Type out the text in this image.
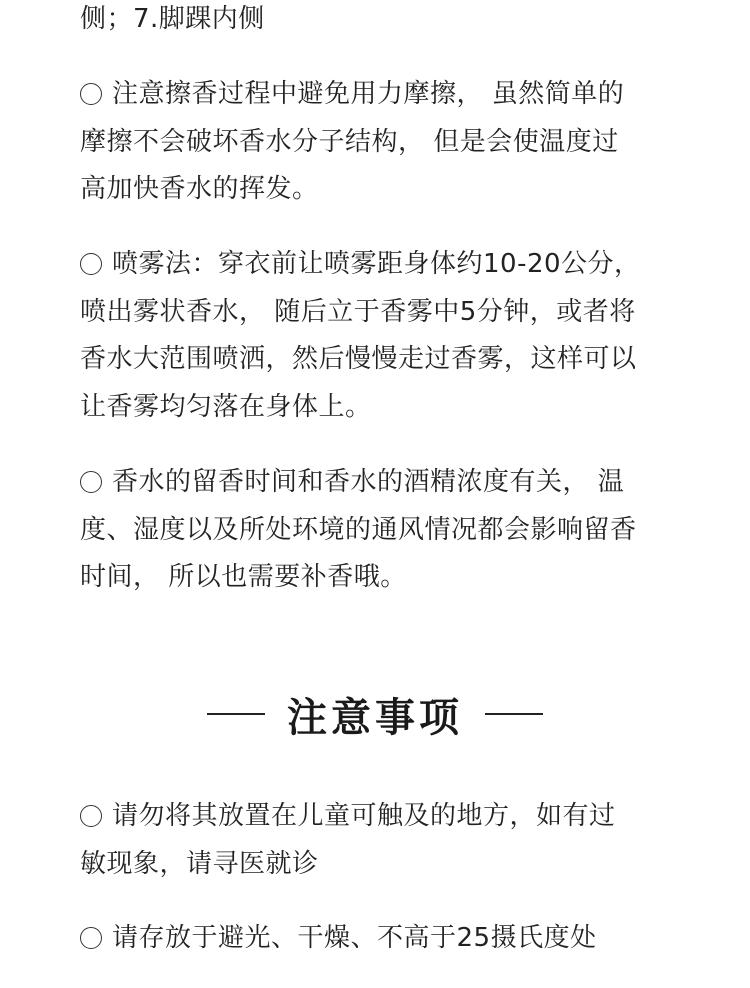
侧；7.脚踝内侧
注意擦香过程中避免用力摩擦， 虽然简单的
摩擦不会破坏香水分子结构， 但是会使温度过
高加快香水的挥发。
喷雾法：穿衣前让喷雾距身体约10-20公分，
喷出雾状香水， 随后立于香雾中5分钟，或者将
香水大范围喷洒，然后慢慢走过香雾，这样可以
让香雾均匀落在身体上。
香水的留香时间和香水的酒精浓度有关， 温
度、湿度以及所处环境的通风情况都会影响留香
时间， 所以也需要补香哦。
注意事项
请勿将其放置在儿童可触及的地方，如有过
敏现象，请寻医就诊
请存放于避光、干燥、不高于25摄氏度处
